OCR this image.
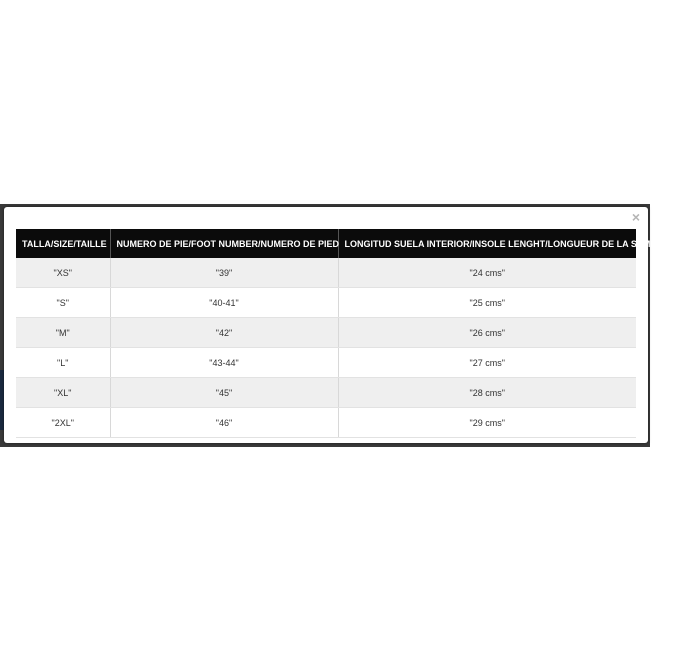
×
TALLA/SIZE/TAILLE	NUMERO DE PIE/FOOT NUMBER/NUMERO DE PIED	LONGITUD SUELA INTERIOR/INSOLE LENGHT/LONGUEUR DE LA SEMELLE
"XS"	"39"	"24 cms"
"S"	"40-41"	"25 cms"
"M"	"42"	"26 cms"
"L"	"43-44"	"27 cms"
"XL"	"45"	"28 cms"
"2XL"	"46"	"29 cms"
